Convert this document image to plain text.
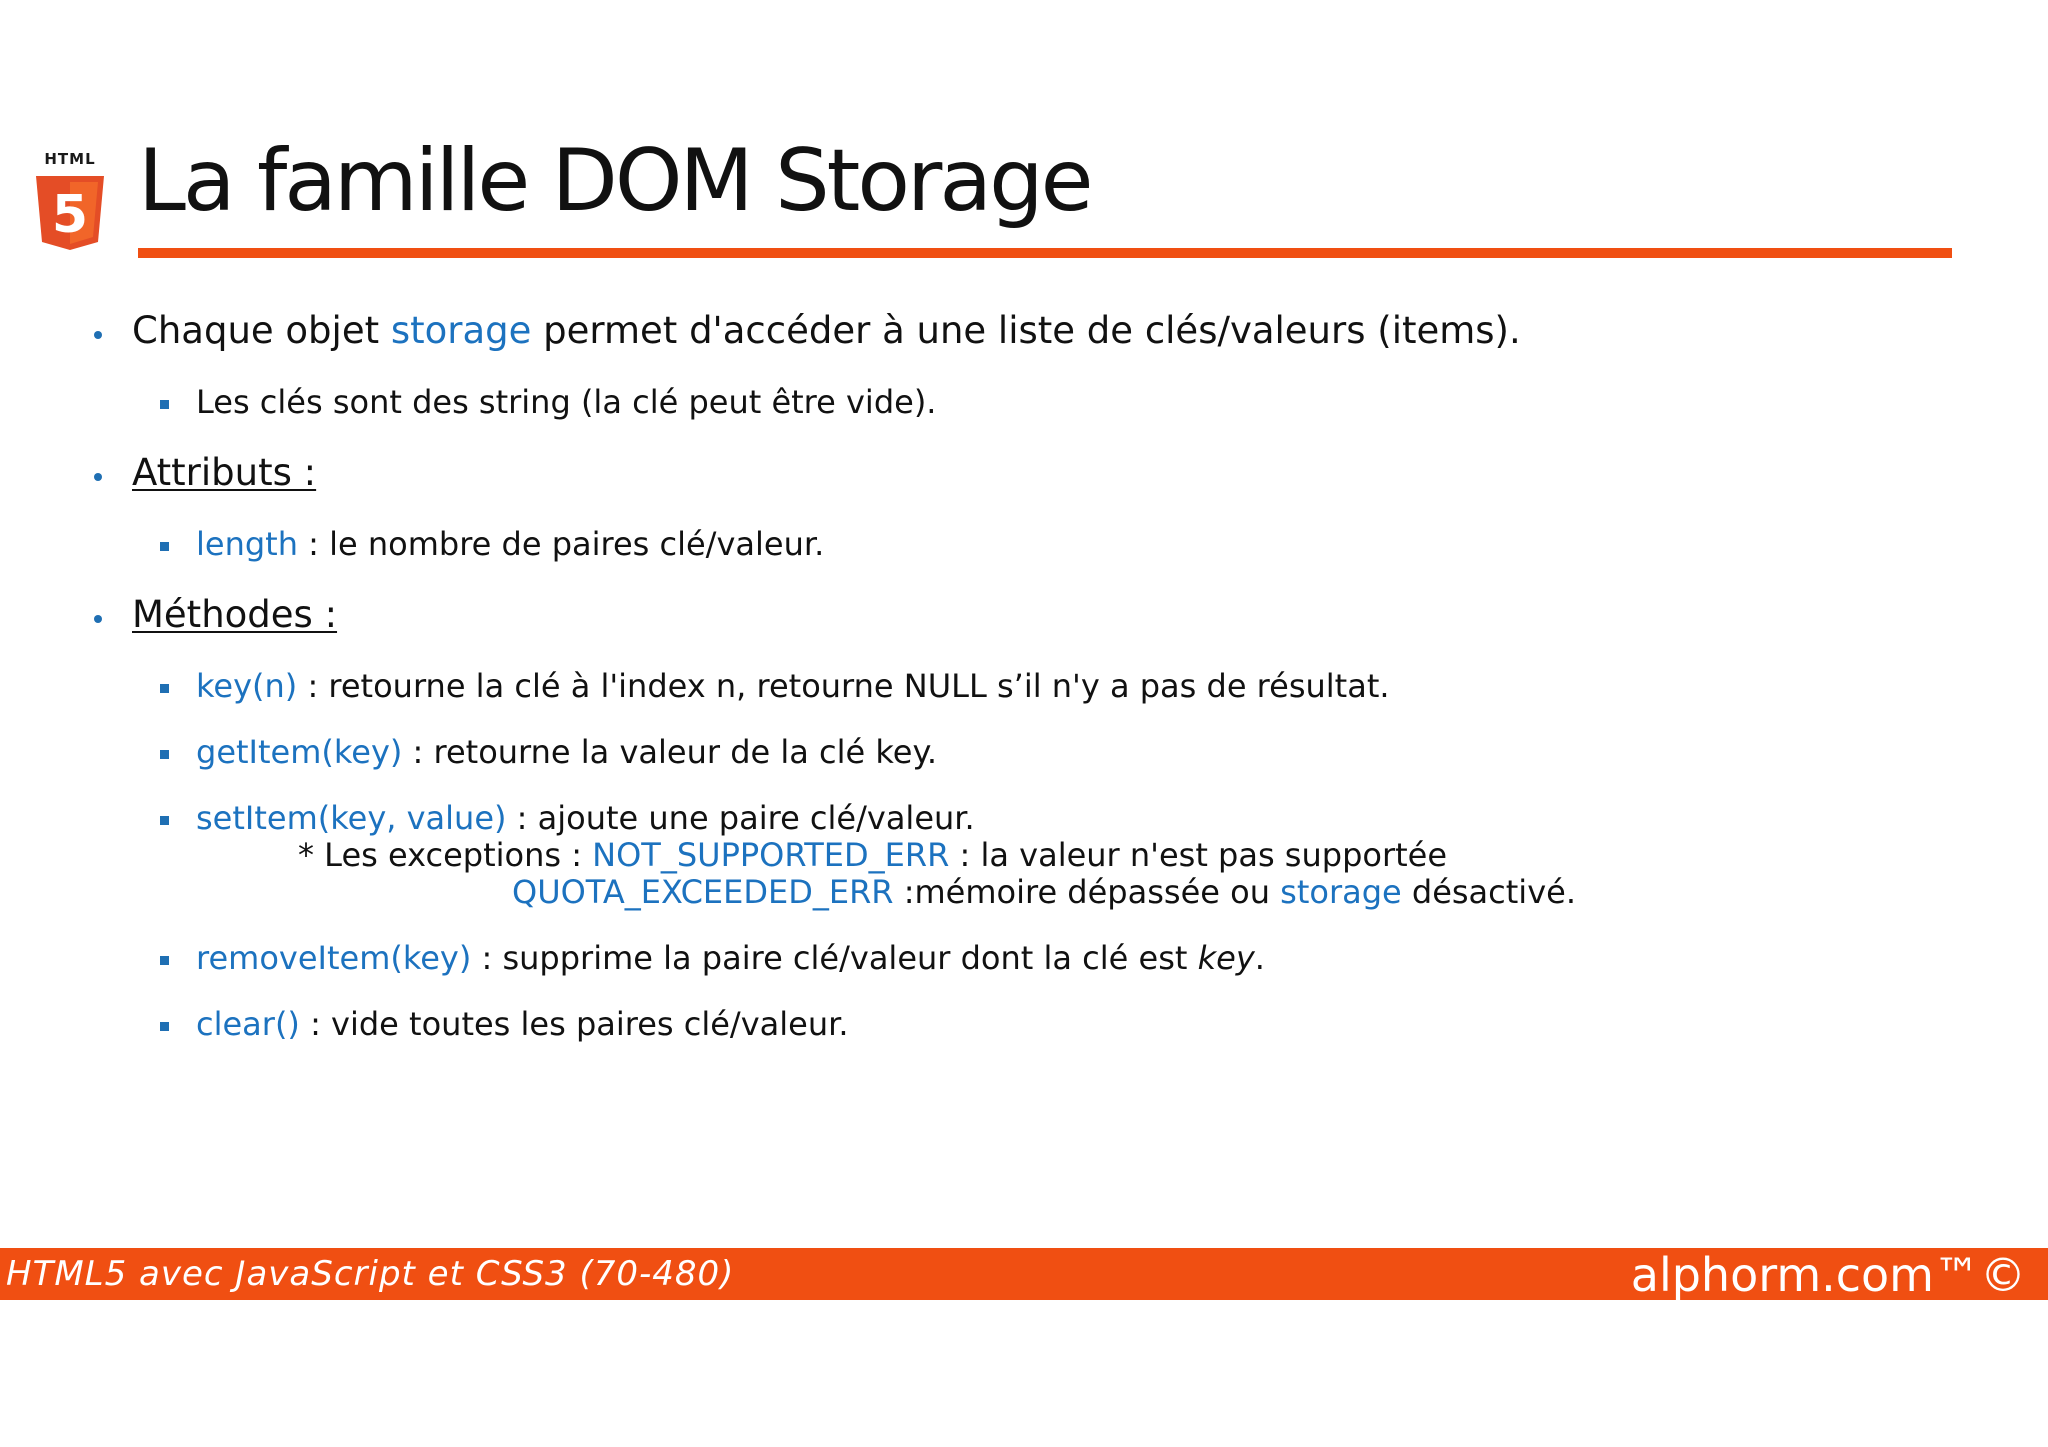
HTML
5 La famille DOM Storage
Chaque objet storage permet d'accéder à une liste de clés/valeurs (items).
Les clés sont des string (la clé peut être vide).
Attributs :
length : le nombre de paires clé/valeur.
Méthodes :
key(n) : retourne la clé à l'index n, retourne NULL s’il n'y a pas de résultat.
getItem(key) : retourne la valeur de la clé key.
setItem(key, value) : ajoute une paire clé/valeur.
* Les exceptions : NOT_SUPPORTED_ERR : la valeur n'est pas supportée
QUOTA_EXCEEDED_ERR :mémoire dépassée ou storage désactivé.
removeItem(key) : supprime la paire clé/valeur dont la clé est key.
clear() : vide toutes les paires clé/valeur.
HTML5 avec JavaScript et CSS3 (70-480)	alphorm.com™©
